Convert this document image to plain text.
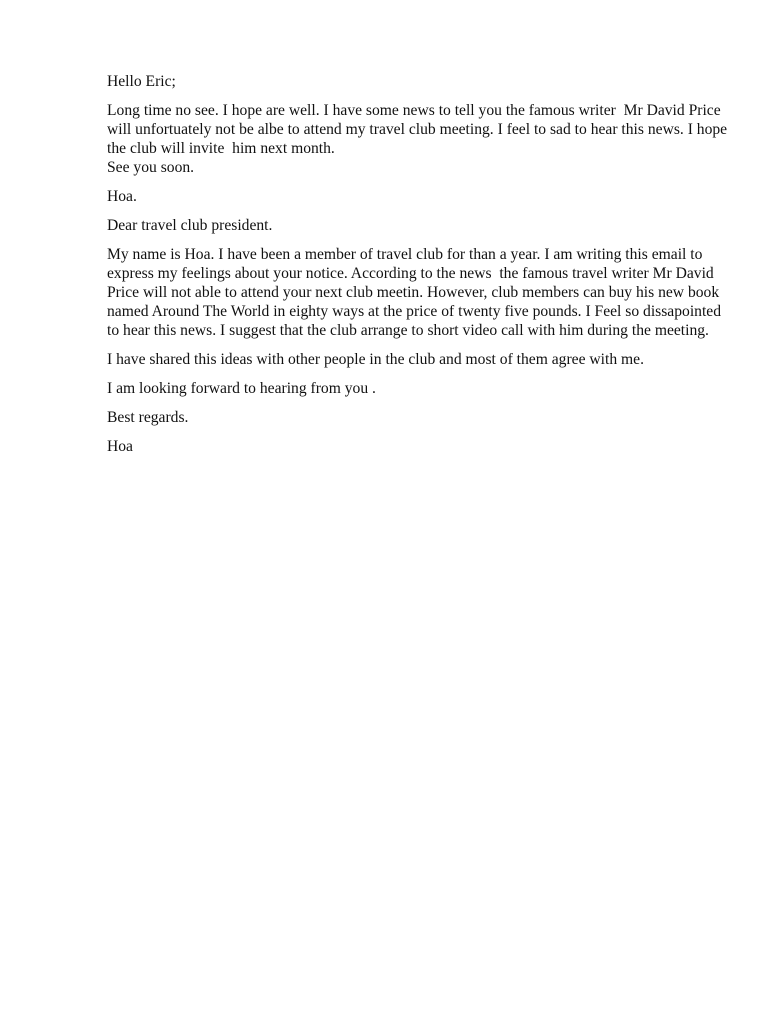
Hello Eric;

Long time no see. I hope are well. I have some news to tell you the famous writer  Mr David Price
will unfortuately not be albe to attend my travel club meeting. I feel to sad to hear this news. I hope
the club will invite  him next month.
See you soon.

Hoa.

Dear travel club president.

My name is Hoa. I have been a member of travel club for than a year. I am writing this email to
express my feelings about your notice. According to the news  the famous travel writer Mr David
Price will not able to attend your next club meetin. However, club members can buy his new book
named Around The World in eighty ways at the price of twenty five pounds. I Feel so dissapointed
to hear this news. I suggest that the club arrange to short video call with him during the meeting.

I have shared this ideas with other people in the club and most of them agree with me.

I am looking forward to hearing from you .

Best regards.

Hoa
